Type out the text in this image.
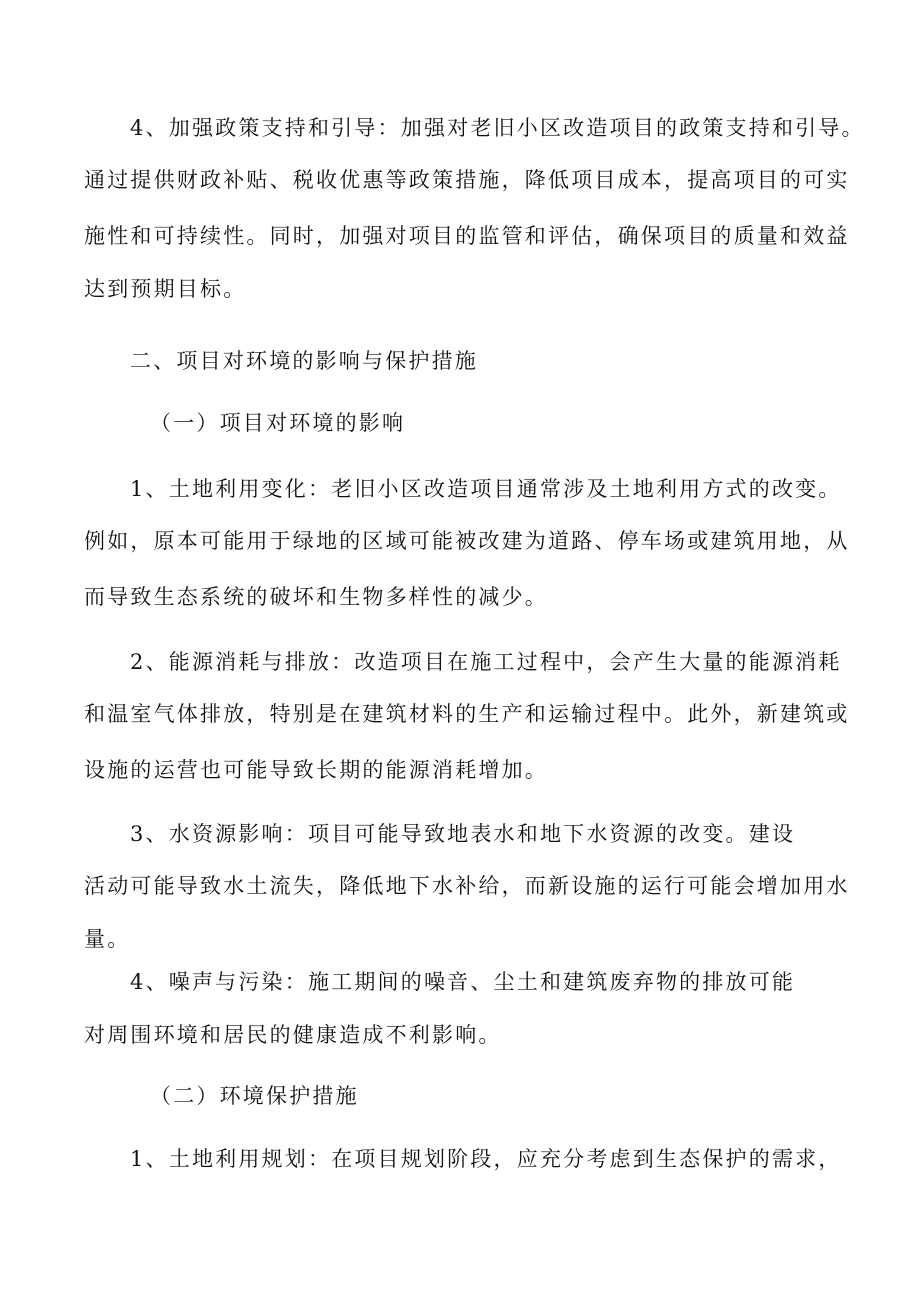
4、加强政策支持和引导：加强对老旧小区改造项目的政策支持和引导。
通过提供财政补贴、税收优惠等政策措施，降低项目成本，提高项目的可实
施性和可持续性。同时，加强对项目的监管和评估，确保项目的质量和效益
达到预期目标。
二、项目对环境的影响与保护措施
（一）项目对环境的影响
1、土地利用变化：老旧小区改造项目通常涉及土地利用方式的改变。
例如，原本可能用于绿地的区域可能被改建为道路、停车场或建筑用地，从
而导致生态系统的破坏和生物多样性的减少。
2、能源消耗与排放：改造项目在施工过程中，会产生大量的能源消耗
和温室气体排放，特别是在建筑材料的生产和运输过程中。此外，新建筑或
设施的运营也可能导致长期的能源消耗增加。
3、水资源影响：项目可能导致地表水和地下水资源的改变。建设
活动可能导致水土流失，降低地下水补给，而新设施的运行可能会增加用水
量。
4、噪声与污染：施工期间的噪音、尘土和建筑废弃物的排放可能
对周围环境和居民的健康造成不利影响。
（二）环境保护措施
1、土地利用规划：在项目规划阶段，应充分考虑到生态保护的需求，
